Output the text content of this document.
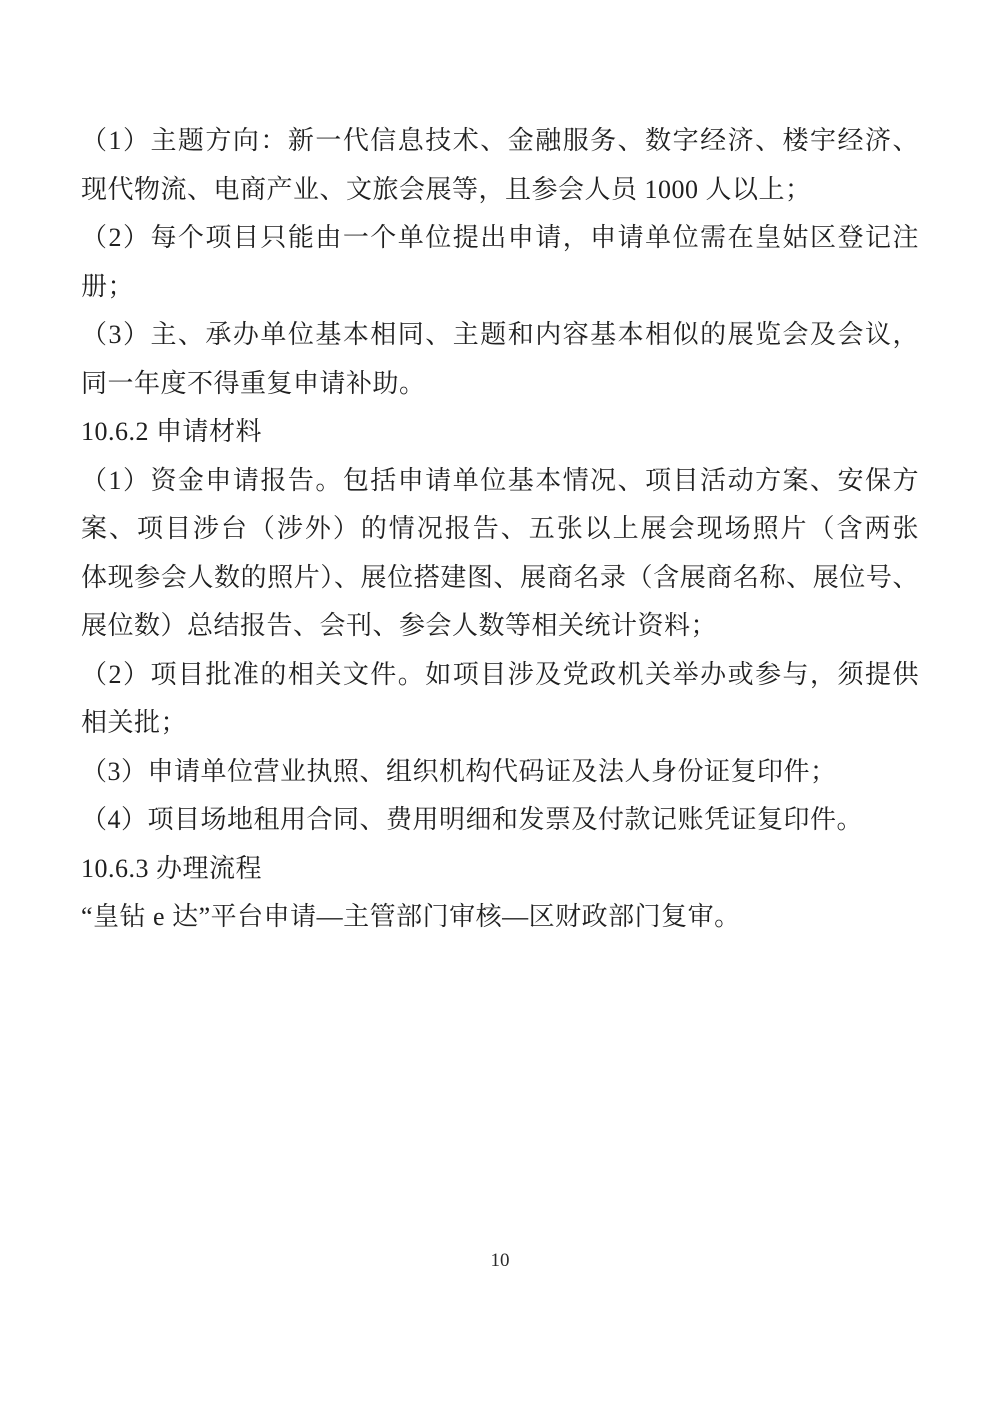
（1）主题方向：新一代信息技术、金融服务、数字经济、楼宇经济、
现代物流、电商产业、文旅会展等，且参会人员 1000 人以上；
（2）每个项目只能由一个单位提出申请，申请单位需在皇姑区登记注
册；
（3）主、承办单位基本相同、主题和内容基本相似的展览会及会议，
同一年度不得重复申请补助。
10.6.2 申请材料
（1）资金申请报告。包括申请单位基本情况、项目活动方案、安保方
案、项目涉台（涉外）的情况报告、五张以上展会现场照片（含两张
体现参会人数的照片）、展位搭建图、展商名录（含展商名称、展位号、
展位数）总结报告、会刊、参会人数等相关统计资料；
（2）项目批准的相关文件。如项目涉及党政机关举办或参与，须提供
相关批；
（3）申请单位营业执照、组织机构代码证及法人身份证复印件；
（4）项目场地租用合同、费用明细和发票及付款记账凭证复印件。
10.6.3 办理流程
“皇钻 e 达”平台申请—主管部门审核—区财政部门复审。
10
